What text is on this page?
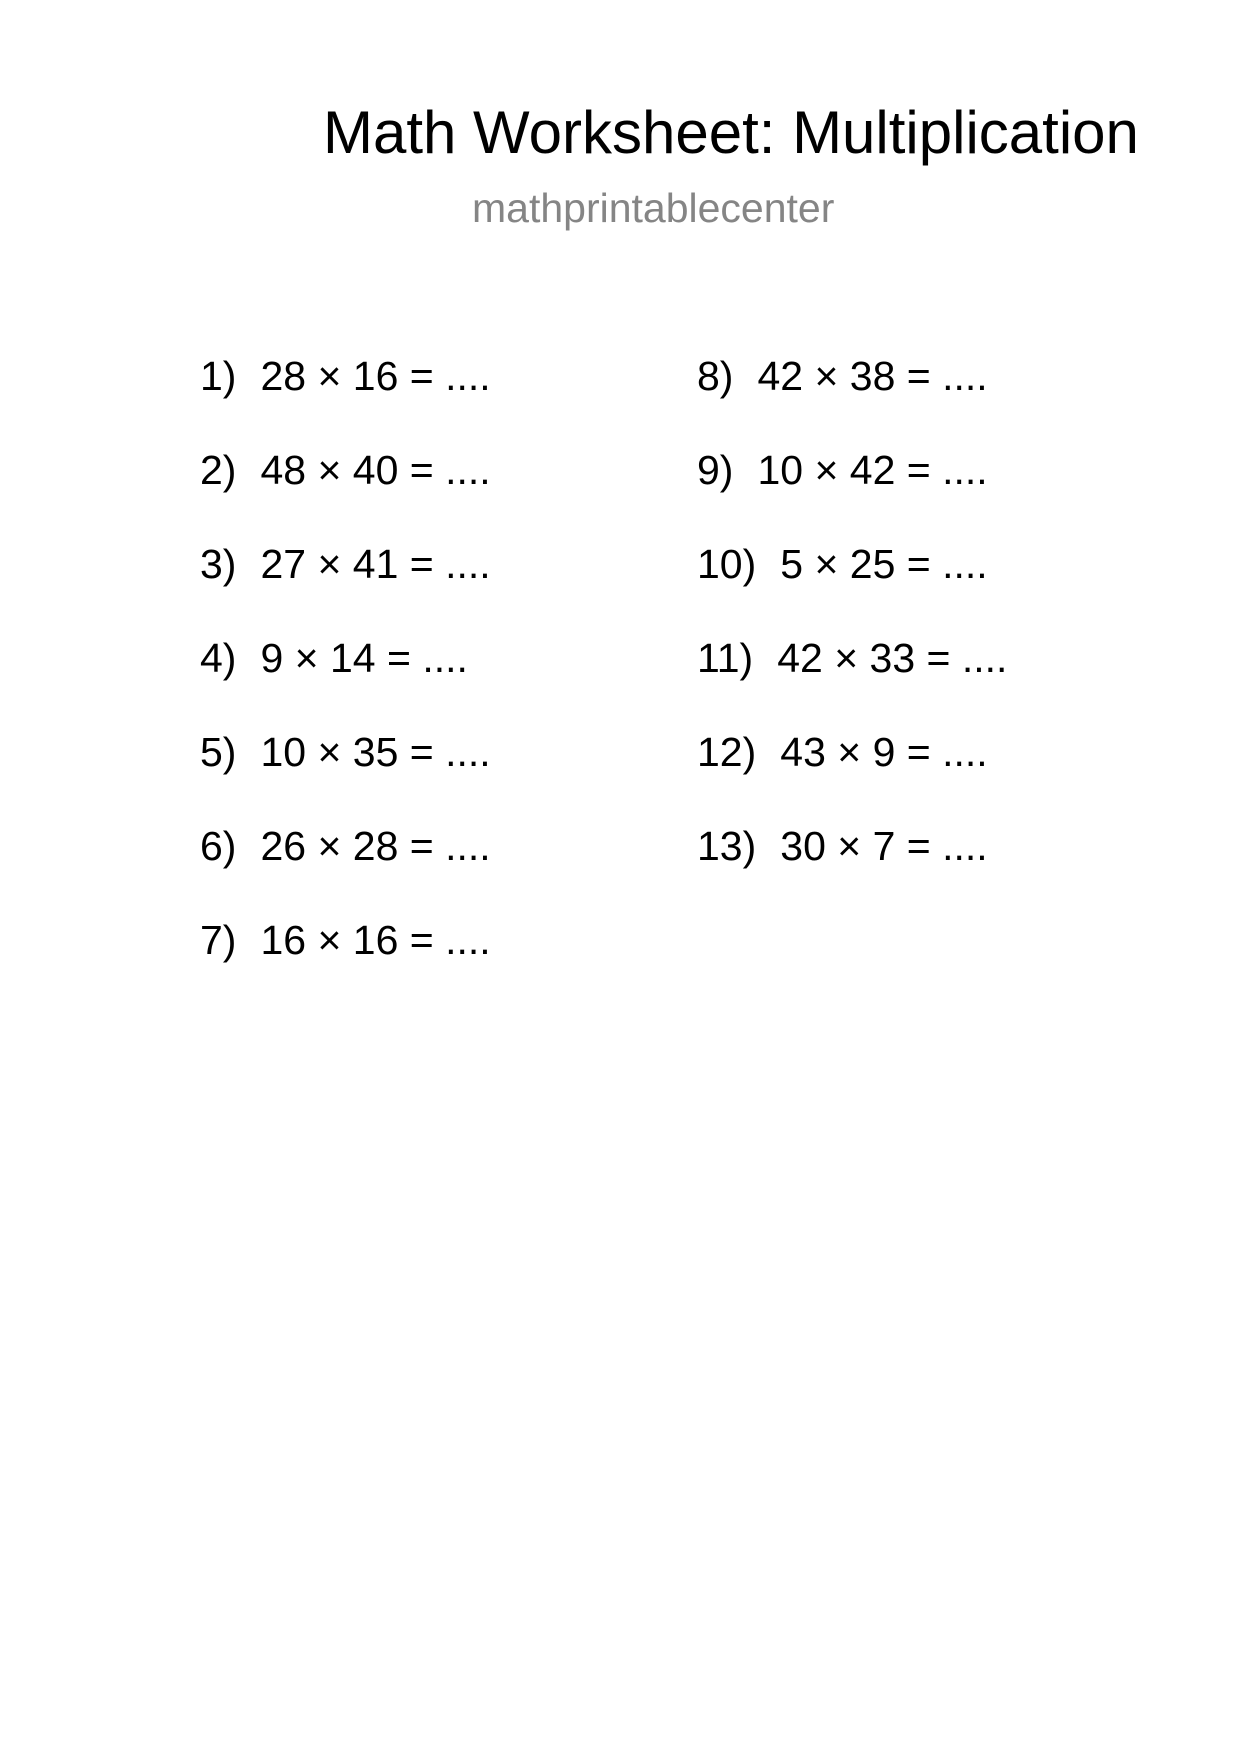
Math Worksheet: Multiplication
mathprintablecenter
1) 28 × 16 = ....
2) 48 × 40 = ....
3) 27 × 41 = ....
4) 9 × 14 = ....
5) 10 × 35 = ....
6) 26 × 28 = ....
7) 16 × 16 = ....
8) 42 × 38 = ....
9) 10 × 42 = ....
10) 5 × 25 = ....
11) 42 × 33 = ....
12) 43 × 9 = ....
13) 30 × 7 = ....
